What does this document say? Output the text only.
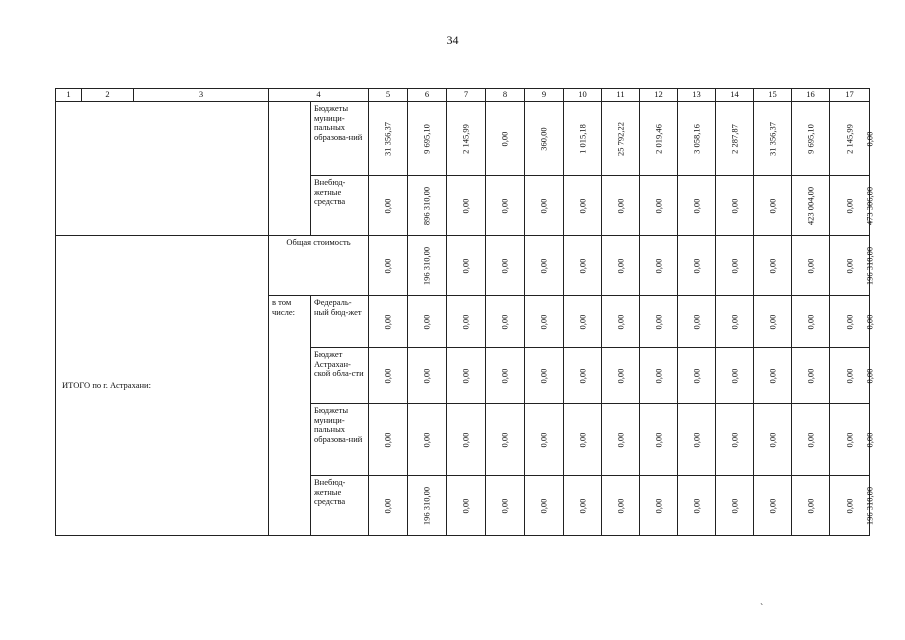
34
1	2	3	4		5	6	7	8	9	10	11	12	13	14	15	16	17	
				Бюджеты муници-пальных образова-ний	31 356,37	9 695,10	2 145,99	0,00	360,00	1 015,18	25 792,22	2 019,46	3 058,16	2 287,87	31 356,37	9 695,10	2 145,99	0,00

				Внебюд-жетные средства	0,00	896 310,00	0,00	0,00	0,00	0,00	0,00	0,00	0,00	0,00	0,00	423 004,00	0,00	473 306,00

ИТОГО по г. Астрахани:			Общая стоимость		0,00	196 310,00	0,00	0,00	0,00	0,00	0,00	0,00	0,00	0,00	0,00	0,00	0,00	196 310,00

			в том числе:	Федераль-ный бюд-жет	0,00	0,00	0,00	0,00	0,00	0,00	0,00	0,00	0,00	0,00	0,00	0,00	0,00	0,00

				Бюджет Астрахан-ской обла-сти	0,00	0,00	0,00	0,00	0,00	0,00	0,00	0,00	0,00	0,00	0,00	0,00	0,00	0,00

				Бюджеты муници-пальных образова-ний	0,00	0,00	0,00	0,00	0,00	0,00	0,00	0,00	0,00	0,00	0,00	0,00	0,00	0,00

				Внебюд-жетные средства	0,00	196 310,00	0,00	0,00	0,00	0,00	0,00	0,00	0,00	0,00	0,00	0,00	0,00	196 310,00
`
